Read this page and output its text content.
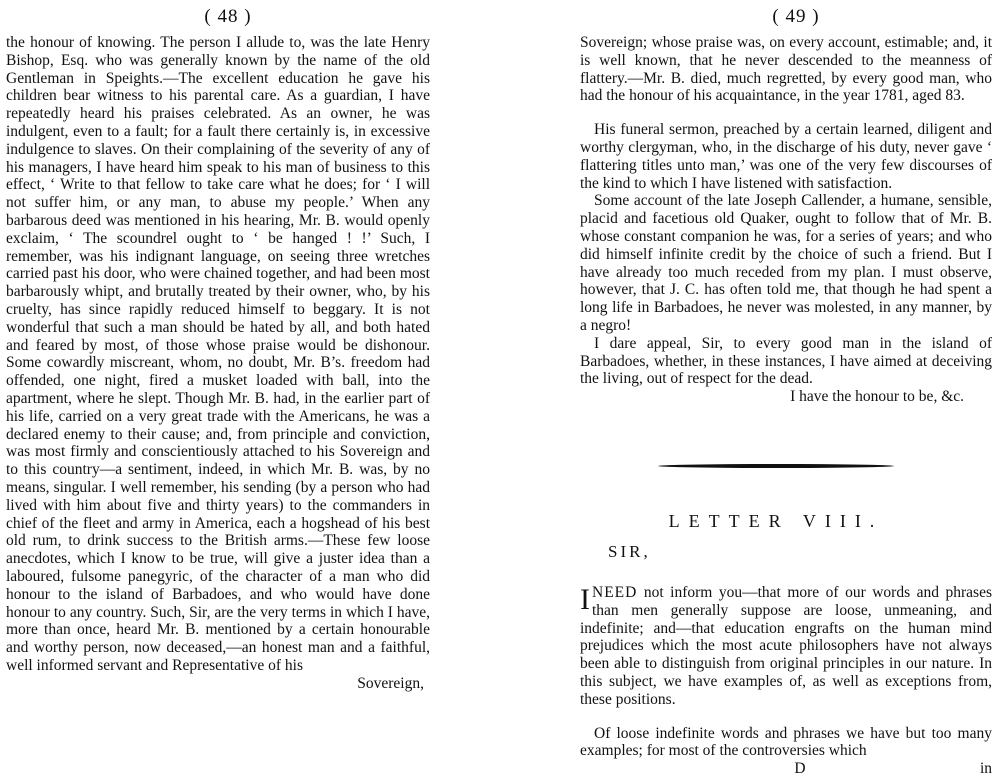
( 48 )

the honour of knowing. The person I allude to, was the late Henry Bishop, Esq. who was generally known by the name of the old Gentleman in Speights.—The excellent education he gave his children bear witness to his parental care. As a guardian, I have repeatedly heard his praises celebrated. As an owner, he was indulgent, even to a fault; for a fault there certainly is, in excessive indulgence to slaves. On their complaining of the severity of any of his managers, I have heard him speak to his man of business to this effect, ‘ Write to that fellow to take care what he does; for ‘ I will not suffer him, or any man, to abuse my people.’ When any barbarous deed was mentioned in his hearing, Mr. B. would openly exclaim, ‘ The scoundrel ought to ‘ be hanged ! !’ Such, I remember, was his indignant language, on seeing three wretches carried past his door, who were chained together, and had been most barbarously whipt, and brutally treated by their owner, who, by his cruelty, has since rapidly reduced himself to beggary. It is not wonderful that such a man should be hated by all, and both hated and feared by most, of those whose praise would be dishonour. Some cowardly miscreant, whom, no doubt, Mr. B’s. freedom had offended, one night, fired a musket loaded with ball, into the apartment, where he slept. Though Mr. B. had, in the earlier part of his life, carried on a very great trade with the Americans, he was a declared enemy to their cause; and, from principle and conviction, was most firmly and conscientiously attached to his Sovereign and to this country—a sentiment, indeed, in which Mr. B. was, by no means, singular. I well remember, his sending (by a person who had lived with him about five and thirty years) to the commanders in chief of the fleet and army in America, each a hogshead of his best old rum, to drink success to the British arms.—These few loose anecdotes, which I know to be true, will give a juster idea than a laboured, fulsome panegyric, of the character of a man who did honour to the island of Barbadoes, and who would have done honour to any country. Such, Sir, are the very terms in which I have, more than once, heard Mr. B. mentioned by a certain honourable and worthy person, now deceased,—an honest man and a faithful, well informed servant and Representative of his

Sovereign,
( 49 )

Sovereign; whose praise was, on every account, estimable; and, it is well known, that he never descended to the meanness of flattery.—Mr. B. died, much regretted, by every good man, who had the honour of his acquaintance, in the year 1781, aged 83.

His funeral sermon, preached by a certain learned, diligent and worthy clergyman, who, in the discharge of his duty, never gave ‘ flattering titles unto man,’ was one of the very few discourses of the kind to which I have listened with satisfaction.

Some account of the late Joseph Callender, a humane, sensible, placid and facetious old Quaker, ought to follow that of Mr. B. whose constant companion he was, for a series of years; and who did himself infinite credit by the choice of such a friend. But I have already too much receded from my plan. I must observe, however, that J. C. has often told me, that though he had spent a long life in Barbadoes, he never was molested, in any manner, by a negro!

I dare appeal, Sir, to every good man in the island of Barbadoes, whether, in these instances, I have aimed at deceiving the living, out of respect for the dead.

I have the honour to be, &c.

LETTER VIII.
SIR,

INEED not inform you—that more of our words and phrases than men generally suppose are loose, unmeaning, and indefinite; and—that education engrafts on the human mind prejudices which the most acute philosophers have not always been able to distinguish from original principles in our nature. In this subject, we have examples of, as well as exceptions from, these positions.

Of loose indefinite words and phrases we have but too many examples; for most of the controversies which

D	in
